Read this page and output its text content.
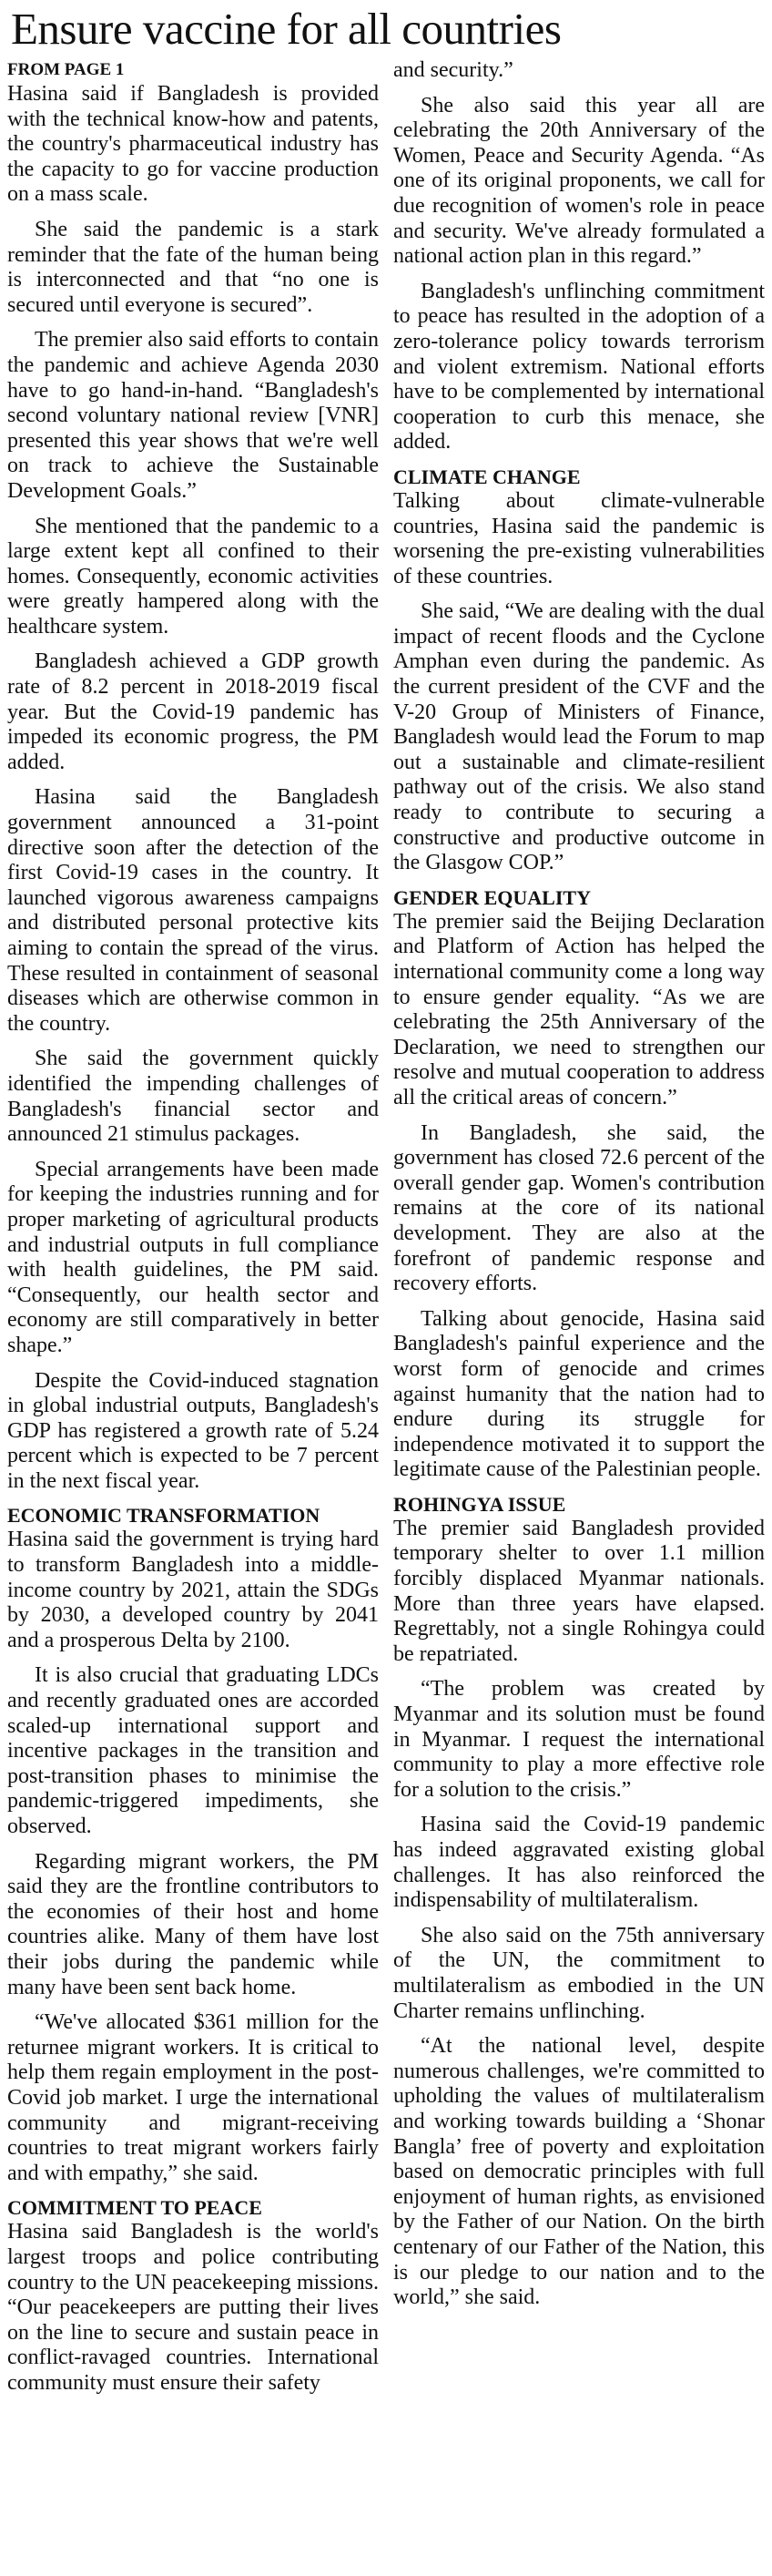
Ensure vaccine for all countries
FROM PAGE 1

Hasina said if Bangladesh is provided with the technical know-how and patents, the country's pharmaceutical industry has the capacity to go for vaccine production on a mass scale.

She said the pandemic is a stark reminder that the fate of the human being is interconnected and that “no one is secured until everyone is secured”.

The premier also said efforts to contain the pandemic and achieve Agenda 2030 have to go hand-in-hand. “Bangladesh's second voluntary national review [VNR] presented this year shows that we're well on track to achieve the Sustainable Development Goals.”

She mentioned that the pandemic to a large extent kept all confined to their homes. Consequently, economic activities were greatly hampered along with the healthcare system.

Bangladesh achieved a GDP growth rate of 8.2 percent in 2018-2019 fiscal year. But the Covid-19 pandemic has impeded its economic progress, the PM added.

Hasina said the Bangladesh government announced a 31-point directive soon after the detection of the first Covid-19 cases in the country. It launched vigorous awareness campaigns and distributed personal protective kits aiming to contain the spread of the virus. These resulted in containment of seasonal diseases which are otherwise common in the country.

She said the government quickly identified the impending challenges of Bangladesh's financial sector and announced 21 stimulus packages.

Special arrangements have been made for keeping the industries running and for proper marketing of agricultural products and industrial outputs in full compliance with health guidelines, the PM said. “Consequently, our health sector and economy are still comparatively in better shape.”

Despite the Covid-induced stagnation in global industrial outputs, Bangladesh's GDP has registered a growth rate of 5.24 percent which is expected to be 7 percent in the next fiscal year.

ECONOMIC TRANSFORMATION

Hasina said the government is trying hard to transform Bangladesh into a middle-income country by 2021, attain the SDGs by 2030, a developed country by 2041 and a prosperous Delta by 2100.

It is also crucial that graduating LDCs and recently graduated ones are accorded scaled-up international support and incentive packages in the transition and post-transition phases to minimise the pandemic-triggered impediments, she observed.

Regarding migrant workers, the PM said they are the frontline contributors to the economies of their host and home countries alike. Many of them have lost their jobs during the pandemic while many have been sent back home.

“We've allocated $361 million for the returnee migrant workers. It is critical to help them regain employment in the post-Covid job market. I urge the international community and migrant-receiving countries to treat migrant workers fairly and with empathy,” she said.

COMMITMENT TO PEACE

Hasina said Bangladesh is the world's largest troops and police contributing country to the UN peacekeeping missions. “Our peacekeepers are putting their lives on the line to secure and sustain peace in conflict-ravaged countries. International community must ensure their safety

and security.”

She also said this year all are celebrating the 20th Anniversary of the Women, Peace and Security Agenda. “As one of its original proponents, we call for due recognition of women's role in peace and security. We've already formulated a national action plan in this regard.”

Bangladesh's unflinching commitment to peace has resulted in the adoption of a zero-tolerance policy towards terrorism and violent extremism. National efforts have to be complemented by international cooperation to curb this menace, she added.

CLIMATE CHANGE

Talking about climate-vulnerable countries, Hasina said the pandemic is worsening the pre-existing vulnerabilities of these countries.

She said, “We are dealing with the dual impact of recent floods and the Cyclone Amphan even during the pandemic. As the current president of the CVF and the V-20 Group of Ministers of Finance, Bangladesh would lead the Forum to map out a sustainable and climate-resilient pathway out of the crisis. We also stand ready to contribute to securing a constructive and productive outcome in the Glasgow COP.”

GENDER EQUALITY

The premier said the Beijing Declaration and Platform of Action has helped the international community come a long way to ensure gender equality. “As we are celebrating the 25th Anniversary of the Declaration, we need to strengthen our resolve and mutual cooperation to address all the critical areas of concern.”

In Bangladesh, she said, the government has closed 72.6 percent of the overall gender gap. Women's contribution remains at the core of its national development. They are also at the forefront of pandemic response and recovery efforts.

Talking about genocide, Hasina said Bangladesh's painful experience and the worst form of genocide and crimes against humanity that the nation had to endure during its struggle for independence motivated it to support the legitimate cause of the Palestinian people.

ROHINGYA ISSUE

The premier said Bangladesh provided temporary shelter to over 1.1 million forcibly displaced Myanmar nationals. More than three years have elapsed. Regrettably, not a single Rohingya could be repatriated.

“The problem was created by Myanmar and its solution must be found in Myanmar. I request the international community to play a more effective role for a solution to the crisis.”

Hasina said the Covid-19 pandemic has indeed aggravated existing global challenges. It has also reinforced the indispensability of multilateralism.

She also said on the 75th anniversary of the UN, the commitment to multilateralism as embodied in the UN Charter remains unflinching.

“At the national level, despite numerous challenges, we're committed to upholding the values of multilateralism and working towards building a ‘Shonar Bangla’ free of poverty and exploitation based on democratic principles with full enjoyment of human rights, as envisioned by the Father of our Nation. On the birth centenary of our Father of the Nation, this is our pledge to our nation and to the world,” she said.
